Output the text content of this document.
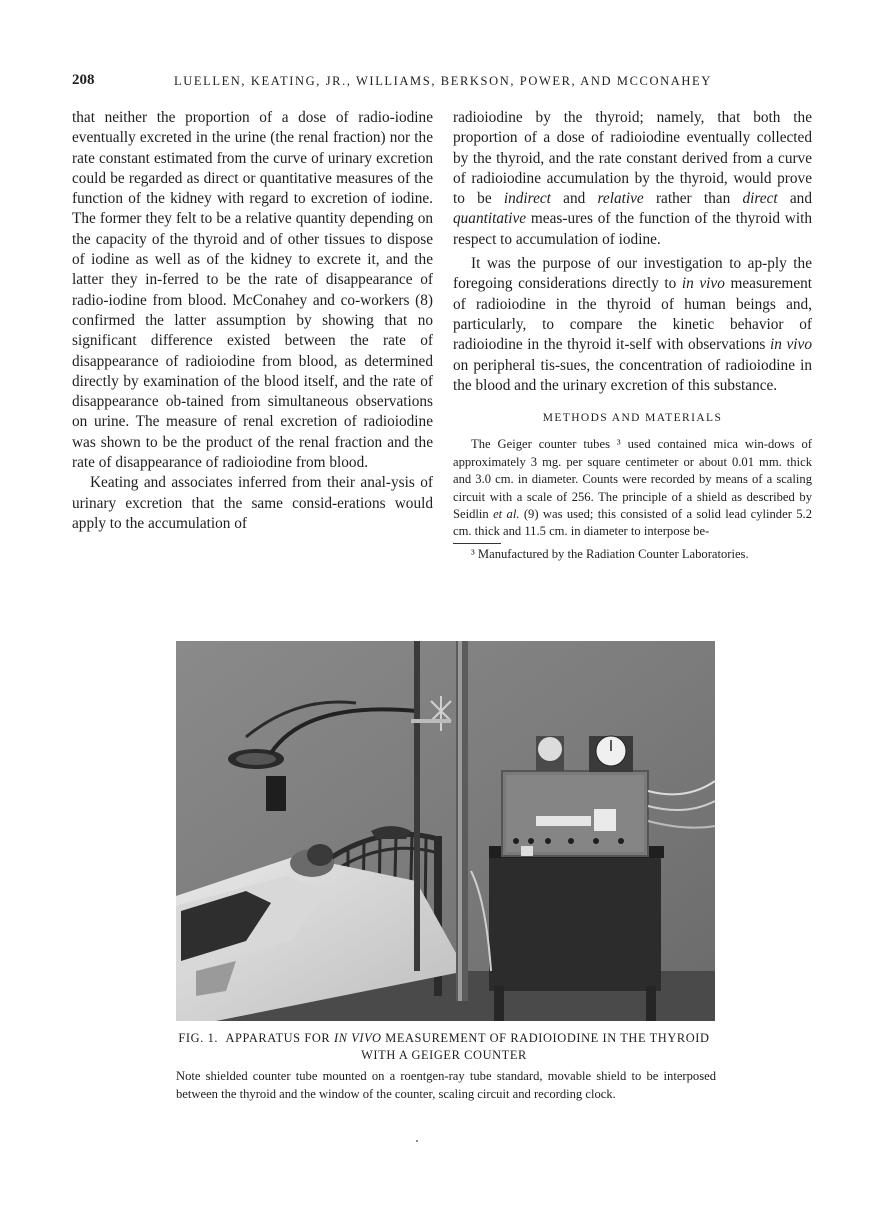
208	LUELLEN, KEATING, JR., WILLIAMS, BERKSON, POWER, AND MCCONAHEY

that neither the proportion of a dose of radio-iodine eventually excreted in the urine (the renal fraction) nor the rate constant estimated from the curve of urinary excretion could be regarded as direct or quantitative measures of the function of the kidney with regard to excretion of iodine. The former they felt to be a relative quantity depending on the capacity of the thyroid and of other tissues to dispose of iodine as well as of the kidney to excrete it, and the latter they in-ferred to be the rate of disappearance of radio-iodine from blood. McConahey and co-workers (8) confirmed the latter assumption by showing that no significant difference existed between the rate of disappearance of radioiodine from blood, as determined directly by examination of the blood itself, and the rate of disappearance ob-tained from simultaneous observations on urine. The measure of renal excretion of radioiodine was shown to be the product of the renal fraction and the rate of disappearance of radioiodine from blood.

Keating and associates inferred from their anal-ysis of urinary excretion that the same consid-erations would apply to the accumulation of

radioiodine by the thyroid; namely, that both the proportion of a dose of radioiodine eventually collected by the thyroid, and the rate constant derived from a curve of radioiodine accumulation by the thyroid, would prove to be indirect and relative rather than direct and quantitative meas-ures of the function of the thyroid with respect to accumulation of iodine.

It was the purpose of our investigation to ap-ply the foregoing considerations directly to in vivo measurement of radioiodine in the thyroid of human beings and, particularly, to compare the kinetic behavior of radioiodine in the thyroid it-self with observations in vivo on peripheral tis-sues, the concentration of radioiodine in the blood and the urinary excretion of this substance.

METHODS AND MATERIALS
The Geiger counter tubes ³ used contained mica win-dows of approximately 3 mg. per square centimeter or about 0.01 mm. thick and 3.0 cm. in diameter. Counts were recorded by means of a scaling circuit with a scale of 256. The principle of a shield as described by Seidlin et al. (9) was used; this consisted of a solid lead cylinder 5.2 cm. thick and 11.5 cm. in diameter to interpose be-
³ Manufactured by the Radiation Counter Laboratories.
FIG. 1. APPARATUS FOR IN VIVO MEASUREMENT OF RADIOIODINE IN THE THYROID
WITH A GEIGER COUNTER
Note shielded counter tube mounted on a roentgen-ray tube standard, movable shield to be interposed between the thyroid and the window of the counter, scaling circuit and recording clock.
